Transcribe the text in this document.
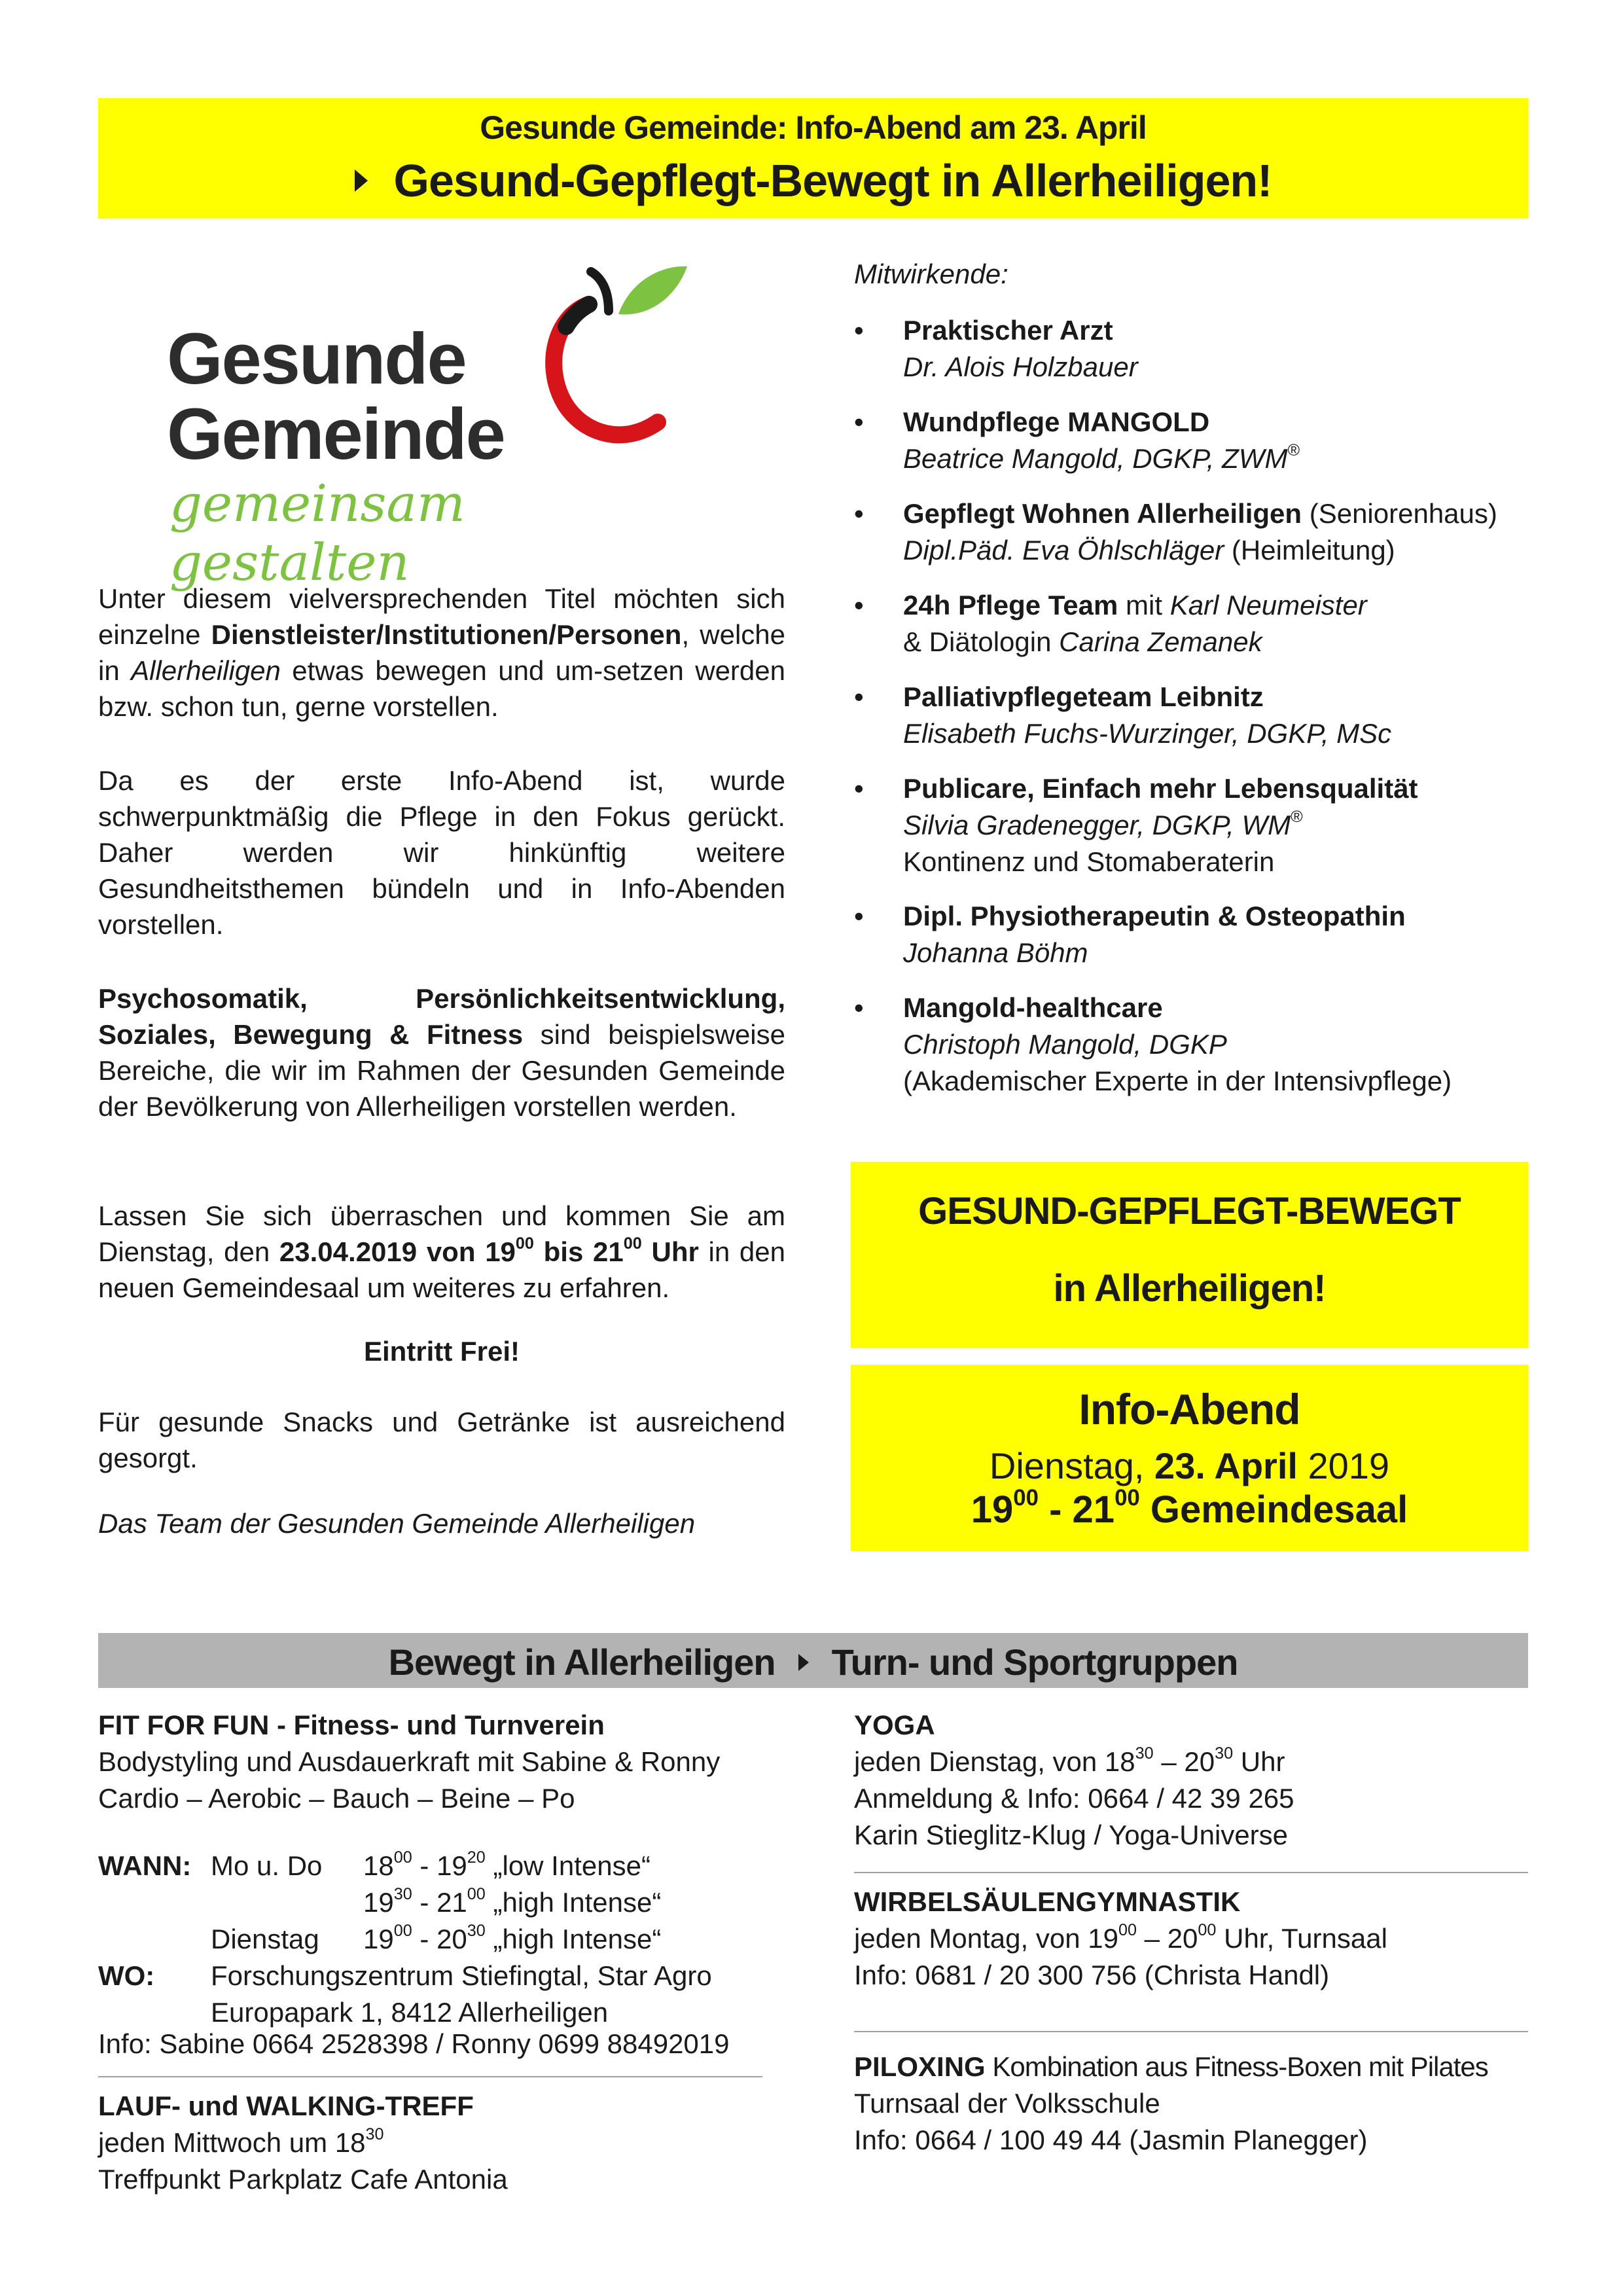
Gesunde Gemeinde: Info-Abend am 23. April
Gesund-Gepflegt-Bewegt in Allerheiligen!
Gesunde
Gemeinde
gemeinsam gestalten
Unter diesem vielversprechenden Titel möchten sich einzelne Dienstleister/Institutionen/Personen, welche in Allerheiligen etwas bewegen und um-setzen werden bzw. schon tun, gerne vorstellen.
Da es der erste Info-Abend ist, wurde schwerpunktmäßig die Pflege in den Fokus gerückt. Daher werden wir hinkünftig weitere Gesundheitsthemen bündeln und in Info-Abenden vorstellen.
Psychosomatik, Persönlichkeitsentwicklung, Soziales, Bewegung & Fitness sind beispielsweise Bereiche, die wir im Rahmen der Gesunden Gemeinde der Bevölkerung von Allerheiligen vorstellen werden.
Lassen Sie sich überraschen und kommen Sie am Dienstag, den 23.04.2019 von $19^{00}$ bis $21^{00}$ Uhr in den neuen Gemeindesaal um weiteres zu erfahren.
Eintritt Frei!
Für gesunde Snacks und Getränke ist ausreichend gesorgt.
Das Team der Gesunden Gemeinde Allerheiligen
Mitwirkende:
• Praktischer Arzt
Dr. Alois Holzbauer
• Wundpflege MANGOLD
Beatrice Mangold, DGKP, ZWM®
• Gepflegt Wohnen Allerheiligen (Seniorenhaus)
Dipl.Päd. Eva Öhlschläger (Heimleitung)
• 24h Pflege Team mit Karl Neumeister
& Diätologin Carina Zemanek
• Palliativpflegeteam Leibnitz
Elisabeth Fuchs-Wurzinger, DGKP, MSc
• Publicare, Einfach mehr Lebensqualität
Silvia Gradenegger, DGKP, WM®
Kontinenz und Stomaberaterin
• Dipl. Physiotherapeutin & Osteopathin
Johanna Böhm
• Mangold-healthcare
Christoph Mangold, DGKP
(Akademischer Experte in der Intensivpflege)
GESUND-GEPFLEGT-BEWEGT
in Allerheiligen!
Info-Abend
Dienstag, 23. April 2019
$19^{00} - 21^{00}$ Gemeindesaal
Bewegt in Allerheiligen Turn- und Sportgruppen
FIT FOR FUN - Fitness- und Turnverein
Bodystyling und Ausdauerkraft mit Sabine & Ronny
Cardio – Aerobic – Bauch – Beine – Po
WANN: Mo u. Do $18^{00} - 19^{20}$ „low Intense“
$19^{30} - 21^{00}$ „high Intense“
Dienstag $19^{00} - 20^{30}$ „high Intense“
WO: Forschungszentrum Stiefingtal, Star Agro
Europapark 1, 8412 Allerheiligen
Info: Sabine 0664 2528398 / Ronny 0699 88492019
LAUF- und WALKING-TREFF
jeden Mittwoch um $18^{30}$
Treffpunkt Parkplatz Cafe Antonia
YOGA
jeden Dienstag, von $18^{30} - 20^{30}$ Uhr
Anmeldung & Info: 0664 / 42 39 265
Karin Stieglitz-Klug / Yoga-Universe
WIRBELSÄULENGYMNASTIK
jeden Montag, von $19^{00} - 20^{00}$ Uhr, Turnsaal
Info: 0681 / 20 300 756 (Christa Handl)
PILOXING Kombination aus Fitness-Boxen mit Pilates
Turnsaal der Volksschule
Info: 0664 / 100 49 44 (Jasmin Planegger)
